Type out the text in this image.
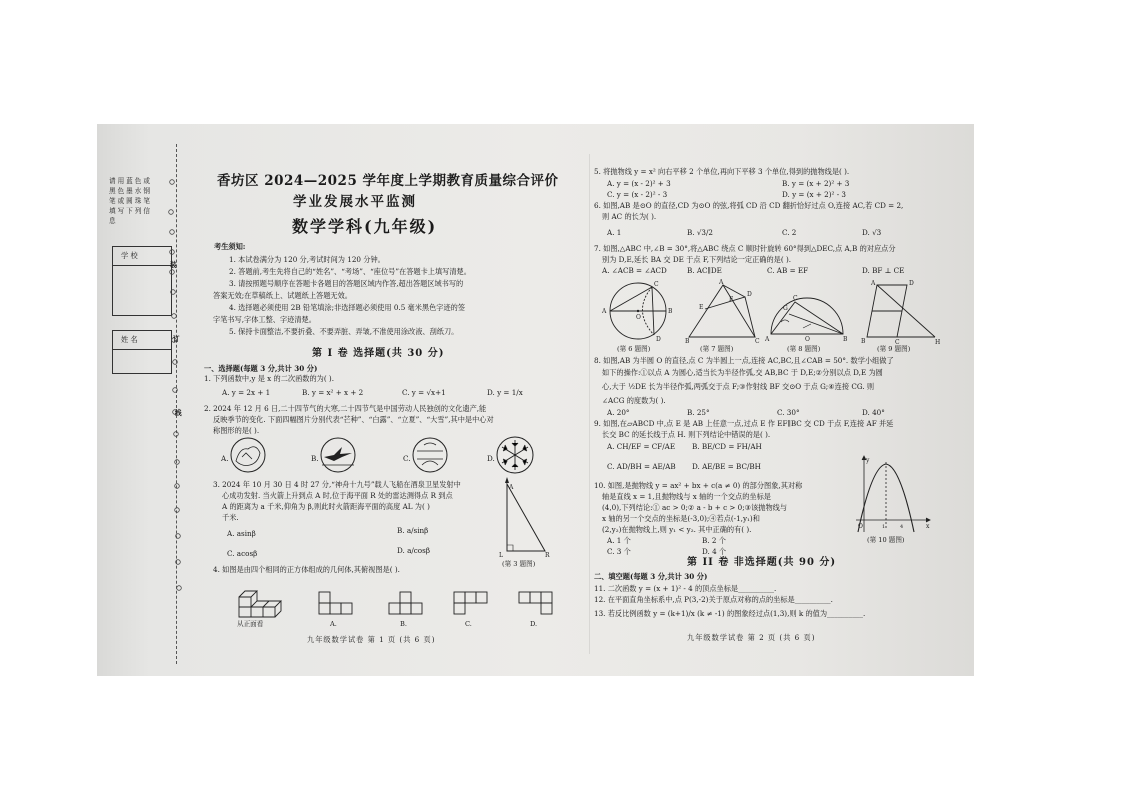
请用蓝色或黑色墨水钢笔或圆珠笔填写下列信息
学 校
姓 名
装
订
线
香坊区 2024—2025 学年度上学期教育质量综合评价
学业发展水平监测
数学学科(九年级)
考生须知:
1. 本试卷满分为 120 分,考试时间为 120 分钟。
2. 答题前,考生先将自己的“姓名”、“考场”、“座位号”在答题卡上填写清楚。
3. 请按照题号顺序在答题卡各题目的答题区域内作答,超出答题区域书写的
答案无效;在草稿纸上、试题纸上答题无效。
4. 选择题必须使用 2B 铅笔填涂;非选择题必须使用 0.5 毫米黑色字迹的签
字笔书写,字体工整、字迹清楚。
5. 保持卡面整洁,不要折叠、不要弄脏、弄皱,不准使用涂改液、刮纸刀。
第 I 卷 选择题(共 30 分)
一、选择题(每题 3 分,共计 30 分)
1. 下列函数中,y 是 x 的二次函数的为( ).
A. y = 2x + 1	B. y = x² + x + 2	C. y = √x+1	D. y = 1/x
2. 2024 年 12 月 6 日,二十四节气的大寒,二十四节气是中国劳动人民独创的文化遗产,能
反映季节的变化. 下面四幅图片分别代表“芒种”、“白露”、“立夏”、“大雪”,其中是中心对
称图形的是( ).
A.	B.	C.	D.
3. 2024 年 10 月 30 日 4 时 27 分,“神舟十九号”载人飞船在酒泉卫星发射中
心成功发射. 当火箭上升到点 A 时,位于海平面 R 处的雷达测得点 R 到点
A 的距离为 a 千米,仰角为 β,则此时火箭距海平面的高度 AL 为( )
千米.
A. asinβ	B. a/sinβ
C. acosβ	D. a/cosβ
L	R
A
(第 3 题图)
4. 如图是由四个相同的正方体组成的几何体,其俯视图是( ).
从正面看	A.	B.	C.	D.
九年级数学试卷 第 1 页 (共 6 页)
5. 将抛物线 y = x² 向右平移 2 个单位,再向下平移 3 个单位,得到的抛物线是( ).
A. y = (x - 2)² + 3	B. y = (x + 2)² + 3
C. y = (x - 2)² - 3	D. y = (x + 2)² - 3
6. 如图,AB 是⊙O 的直径,CD 为⊙O 的弦,将弧 CD 沿 CD 翻折恰好过点 O,连接 AC,若 CD = 2,
则 AC 的长为( ).
A. 1	B. √3/2	C. 2	D. √3
7. 如图,△ABC 中,∠B = 30°,将△ABC 绕点 C 顺时针旋转 60°得到△DEC,点 A,B 的对应点分
别为 D,E,延长 BA 交 DE 于点 F,下列结论一定正确的是( ).
A. ∠ACB = ∠ACD	B. AC∥DE	C. AB = EF	D. BF ⊥ CE
A	B
C
D
O
B	C
A
D
E
F
A	B
C
G
O
A	D
B	C	H
(第 6 题图)	(第 7 题图)	(第 8 题图)	(第 9 题图)
8. 如图,AB 为半圆 O 的直径,点 C 为半圆上一点,连接 AC,BC,且∠CAB = 50°. 数学小组做了
如下的操作:①以点 A 为圆心,适当长为半径作弧,交 AB,BC 于 D,E;②分别以点 D,E 为圆
心,大于 ½DE 长为半径作弧,两弧交于点 F;③作射线 BF 交⊙O 于点 G;④连接 CG. 则
∠ACG 的度数为( ).
A. 20°	B. 25°	C. 30°	D. 40°
9. 如图,在▱ABCD 中,点 E 是 AB 上任意一点,过点 E 作 EF∥BC 交 CD 于点 F,连接 AF 并延
长交 BC 的延长线于点 H. 则下列结论中错误的是( ).
A. CH/EF = CF/AE B. BE/CD = FH/AH
C. AD/BH = AE/AB D. AE/BE = BC/BH
10. 如图,是抛物线 y = ax² + bx + c(a ≠ 0) 的部分图象,其对称
轴是直线 x = 1,且抛物线与 x 轴的一个交点的坐标是
(4,0),下列结论:① ac > 0;② a - b + c > 0;③该抛物线与
x 轴的另一个交点的坐标是(-3,0);④若点(-1,y₁)和
(2,y₂)在抛物线上,则 y₁ < y₂. 其中正确的有( ).
A. 1 个	B. 2 个
C. 3 个	D. 4 个
O	1	4	x
y
(第 10 题图)
第 II 卷 非选择题(共 90 分)
二、填空题(每题 3 分,共计 30 分)
11. 二次函数 y = (x + 1)² - 4 的顶点坐标是__________.
12. 在平面直角坐标系中,点 P(3,-2)关于原点对称的点的坐标是__________.
13. 若反比例函数 y = (k+1)/x (k ≠ -1) 的图象经过点(1,3),则 k 的值为__________.
九年级数学试卷 第 2 页 (共 6 页)
